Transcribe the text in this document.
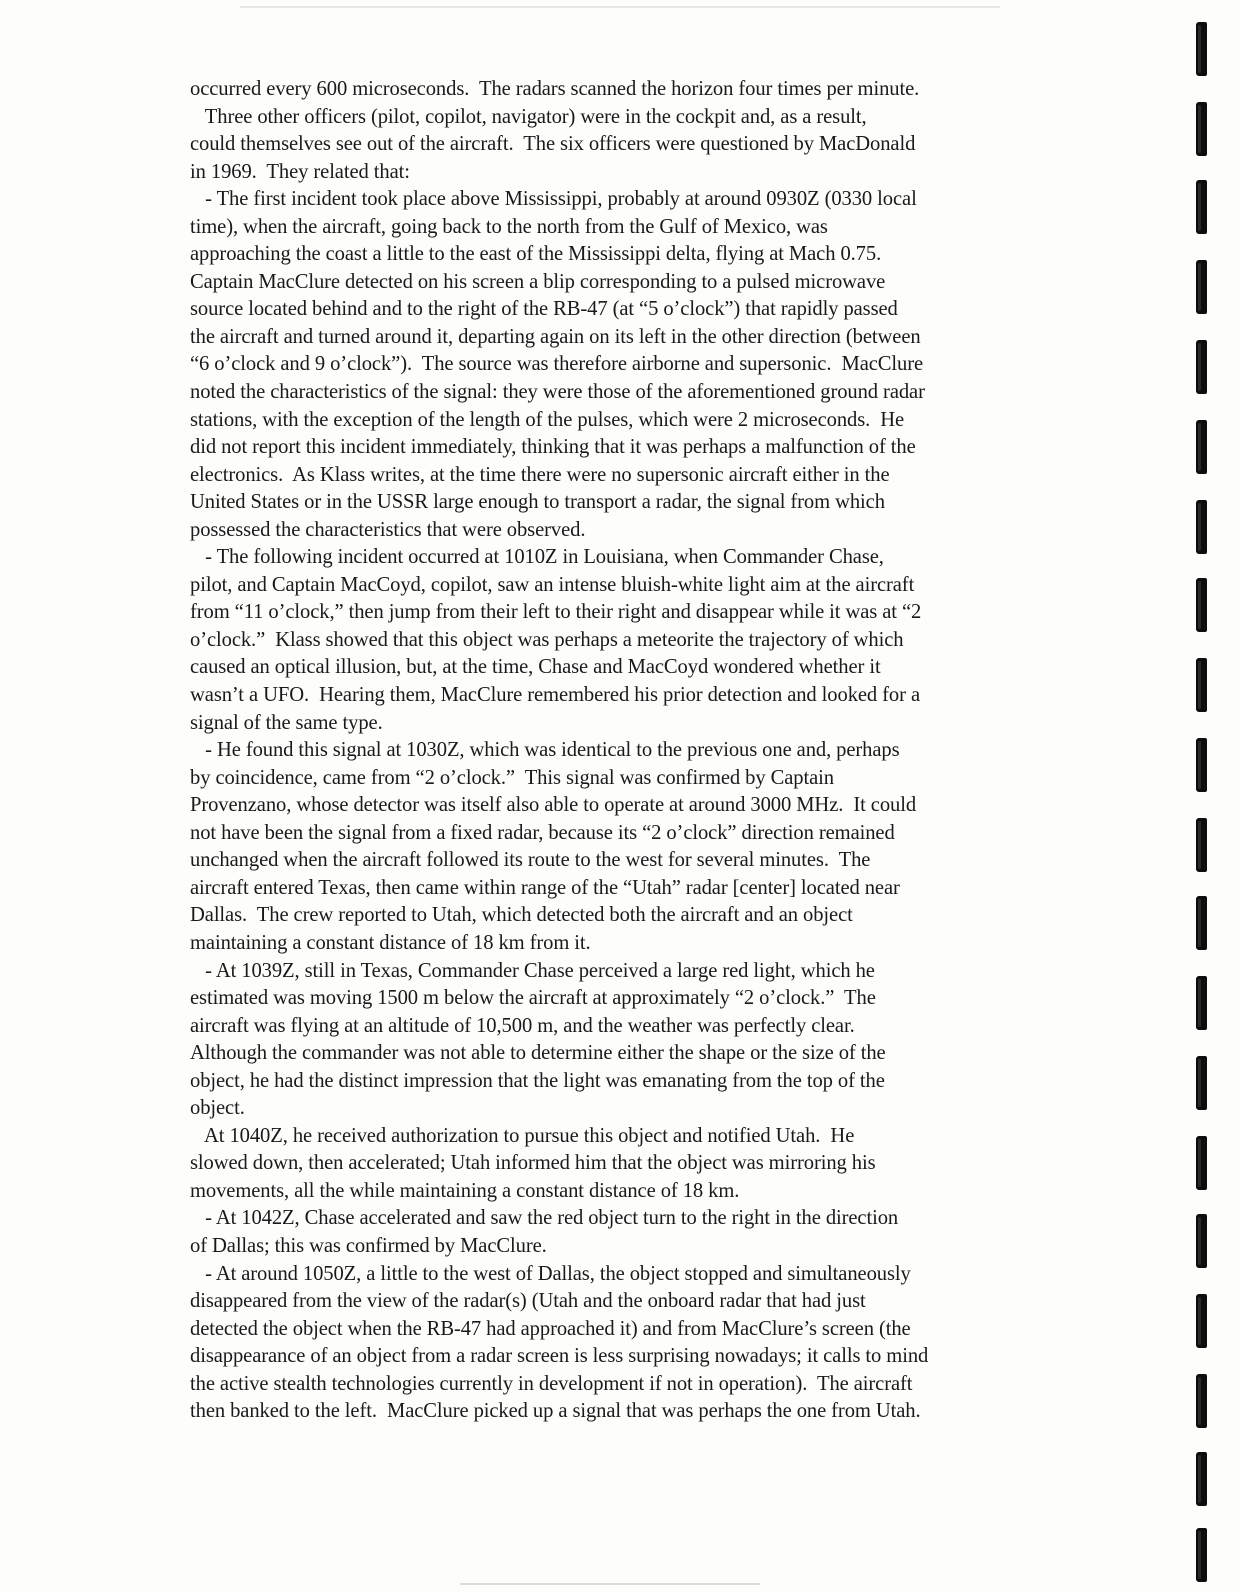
occurred every 600 microseconds.  The radars scanned the horizon four times per minute.
Three other officers (pilot, copilot, navigator) were in the cockpit and, as a result,
could themselves see out of the aircraft.  The six officers were questioned by MacDonald
in 1969.  They related that:
- The first incident took place above Mississippi, probably at around 0930Z (0330 local
time), when the aircraft, going back to the north from the Gulf of Mexico, was
approaching the coast a little to the east of the Mississippi delta, flying at Mach 0.75.
Captain MacClure detected on his screen a blip corresponding to a pulsed microwave
source located behind and to the right of the RB-47 (at “5 o’clock”) that rapidly passed
the aircraft and turned around it, departing again on its left in the other direction (between
“6 o’clock and 9 o’clock”).  The source was therefore airborne and supersonic.  MacClure
noted the characteristics of the signal: they were those of the aforementioned ground radar
stations, with the exception of the length of the pulses, which were 2 microseconds.  He
did not report this incident immediately, thinking that it was perhaps a malfunction of the
electronics.  As Klass writes, at the time there were no supersonic aircraft either in the
United States or in the USSR large enough to transport a radar, the signal from which
possessed the characteristics that were observed.
- The following incident occurred at 1010Z in Louisiana, when Commander Chase,
pilot, and Captain MacCoyd, copilot, saw an intense bluish-white light aim at the aircraft
from “11 o’clock,” then jump from their left to their right and disappear while it was at “2
o’clock.”  Klass showed that this object was perhaps a meteorite the trajectory of which
caused an optical illusion, but, at the time, Chase and MacCoyd wondered whether it
wasn’t a UFO.  Hearing them, MacClure remembered his prior detection and looked for a
signal of the same type.
- He found this signal at 1030Z, which was identical to the previous one and, perhaps
by coincidence, came from “2 o’clock.”  This signal was confirmed by Captain
Provenzano, whose detector was itself also able to operate at around 3000 MHz.  It could
not have been the signal from a fixed radar, because its “2 o’clock” direction remained
unchanged when the aircraft followed its route to the west for several minutes.  The
aircraft entered Texas, then came within range of the “Utah” radar [center] located near
Dallas.  The crew reported to Utah, which detected both the aircraft and an object
maintaining a constant distance of 18 km from it.
- At 1039Z, still in Texas, Commander Chase perceived a large red light, which he
estimated was moving 1500 m below the aircraft at approximately “2 o’clock.”  The
aircraft was flying at an altitude of 10,500 m, and the weather was perfectly clear.
Although the commander was not able to determine either the shape or the size of the
object, he had the distinct impression that the light was emanating from the top of the
object.
At 1040Z, he received authorization to pursue this object and notified Utah.  He
slowed down, then accelerated; Utah informed him that the object was mirroring his
movements, all the while maintaining a constant distance of 18 km.
- At 1042Z, Chase accelerated and saw the red object turn to the right in the direction
of Dallas; this was confirmed by MacClure.
- At around 1050Z, a little to the west of Dallas, the object stopped and simultaneously
disappeared from the view of the radar(s) (Utah and the onboard radar that had just
detected the object when the RB-47 had approached it) and from MacClure’s screen (the
disappearance of an object from a radar screen is less surprising nowadays; it calls to mind
the active stealth technologies currently in development if not in operation).  The aircraft
then banked to the left.  MacClure picked up a signal that was perhaps the one from Utah.
